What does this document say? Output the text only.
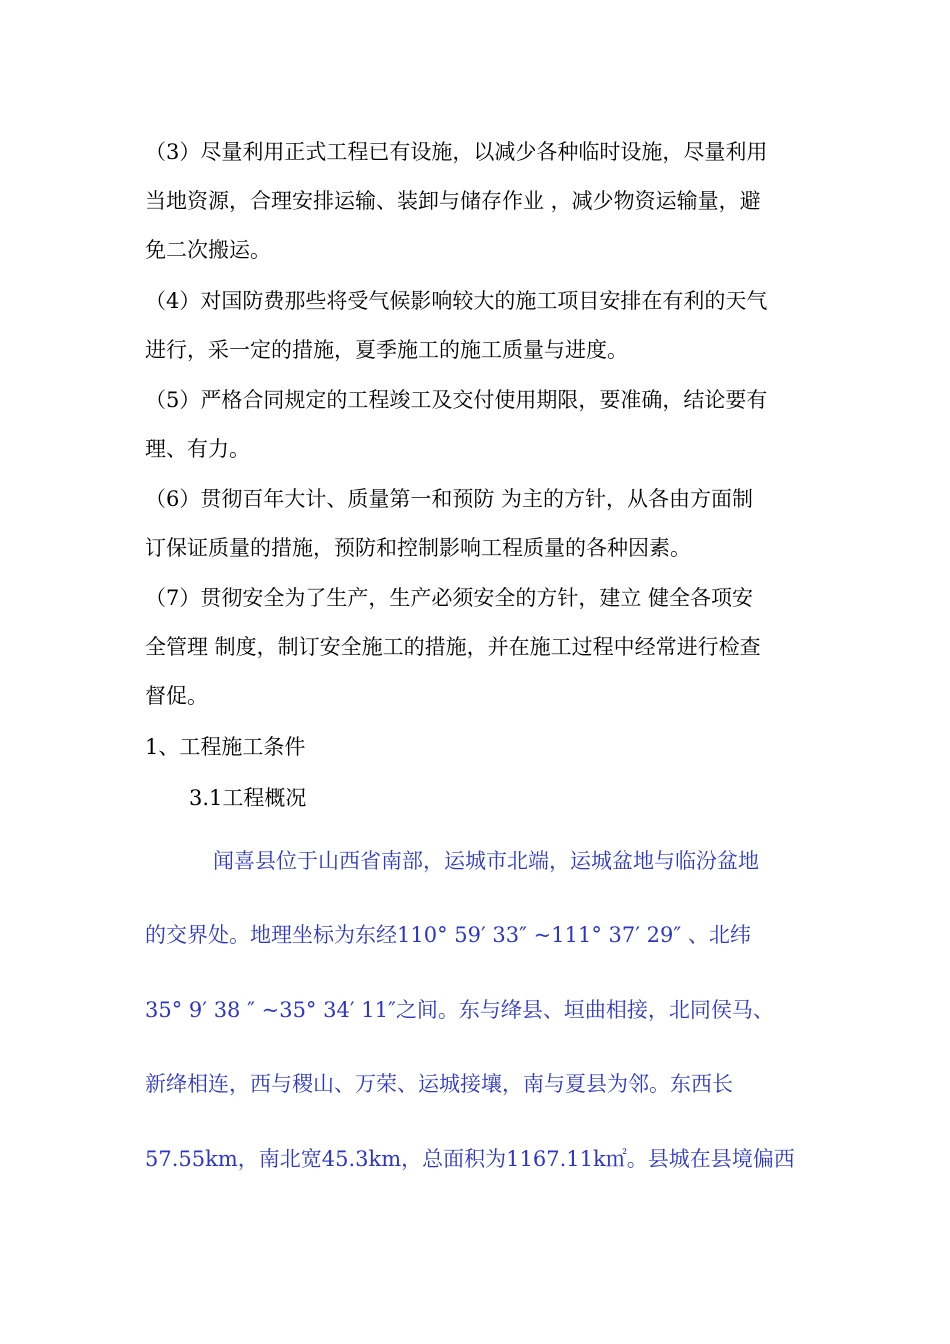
（3）尽量利用正式工程已有设施，以减少各种临时设施，尽量利用
当地资源，合理安排运输、装卸与储存作业 ，减少物资运输量，避
免二次搬运。
（4）对国防费那些将受气候影响较大的施工项目安排在有利的天气
进行，采一定的措施，夏季施工的施工质量与进度。
（5）严格合同规定的工程竣工及交付使用期限，要准确，结论要有
理、有力。
（6）贯彻百年大计、质量第一和预防 为主的方针，从各由方面制
订保证质量的措施，预防和控制影响工程质量的各种因素。
（7）贯彻安全为了生产，生产必须安全的方针，建立 健全各项安
全管理 制度，制订安全施工的措施，并在施工过程中经常进行检查
督促。
1、工程施工条件
3.1工程概况
闻喜县位于山西省南部，运城市北端，运城盆地与临汾盆地
的交界处。地理坐标为东经110° 59′ 33″ ~111° 37′ 29″ 、北纬
35° 9′ 38 ″ ~35° 34′ 11″之间。东与绛县、垣曲相接，北同侯马、
新绛相连，西与稷山、万荣、运城接壤，南与夏县为邻。东西长
57.55km，南北宽45.3km，总面积为1167.11k㎡。县城在县境偏西
